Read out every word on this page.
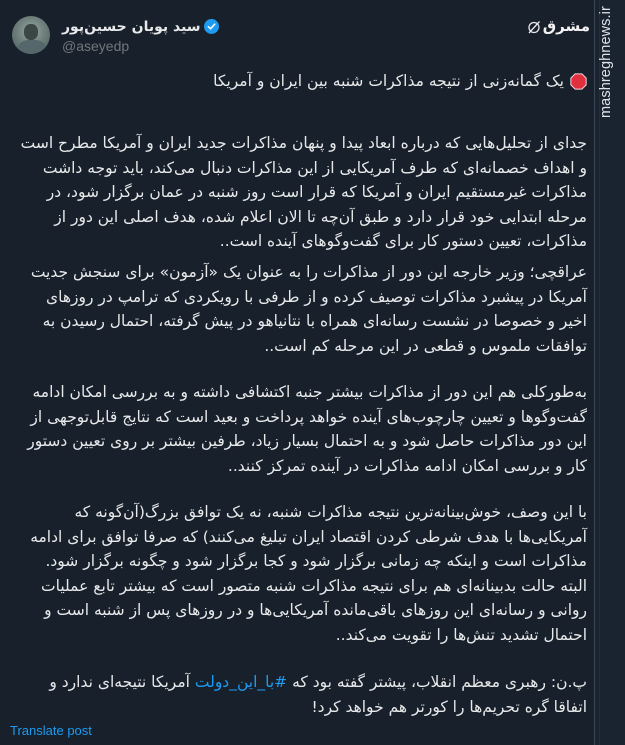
سید پویان حسین‌پور
@aseyedp
مشرق
یک گمانه‌زنی از نتیجه مذاکرات شنبه بین ایران و آمریکا

جدای از تحلیل‌هایی که درباره ابعاد پیدا و پنهان مذاکرات جدید ایران و آمریکا مطرح است و اهداف خصمانه‌ای که طرف آمریکایی از این مذاکرات دنبال می‌کند، باید توجه داشت مذاکرات غیرمستقیم ایران و آمریکا که قرار است روز شنبه در عمان برگزار شود، در مرحله ابتدایی خود قرار دارد و طبق آن‌چه تا الان اعلام شده، هدف اصلی این دور از مذاکرات، تعیین دستور کار برای گفت‌وگوهای آینده است..

عراقچی؛ وزیر خارجه این دور از مذاکرات را به عنوان یک «آزمون» برای سنجش جدیت آمریکا در پیشبرد مذاکرات توصیف کرده و از طرفی با رویکردی که ترامپ در روزهای اخیر و خصوصا در نشست رسانه‌ای همراه با نتانیاهو در پیش گرفته، احتمال رسیدن به توافقات ملموس و قطعی در این مرحله کم است..

به‌طورکلی هم این دور از مذاکرات بیشتر جنبه اکتشافی داشته و به بررسی امکان ادامه گفت‌وگوها و تعیین چارچوب‌های آینده خواهد پرداخت و بعید است که نتایج قابل‌توجهی از این دور مذاکرات حاصل شود و به احتمال بسیار زیاد، طرفین بیشتر بر روی تعیین دستور کار و بررسی امکان ادامه مذاکرات در آینده تمرکز کنند..

با این وصف، خوش‌بینانه‌ترین نتیجه مذاکرات شنبه، نه یک توافق بزرگ(آن‌گونه که آمریکایی‌ها با هدف شرطی کردن اقتصاد ایران تبلیغ می‌کنند) که صرفا توافق برای ادامه مذاکرات است و اینکه چه زمانی برگزار شود و کجا برگزار شود و چگونه برگزار شود. البته حالت بدبینانه‌ای هم برای نتیجه مذاکرات شنبه متصور است که بیشتر تابع عملیات روانی و رسانه‌ای این روزهای باقی‌مانده آمریکایی‌ها و در روزهای پس از شنبه است و احتمال تشدید تنش‌ها را تقویت می‌کند..

پ.ن: رهبری معظم انقلاب، پیشتر گفته بود که #با_این_دولت آمریکا نتیجه‌ای ندارد و اتفاقا گره تحریم‌ها را کورتر هم خواهد کرد!

Translate post
mashreghnews.ir
